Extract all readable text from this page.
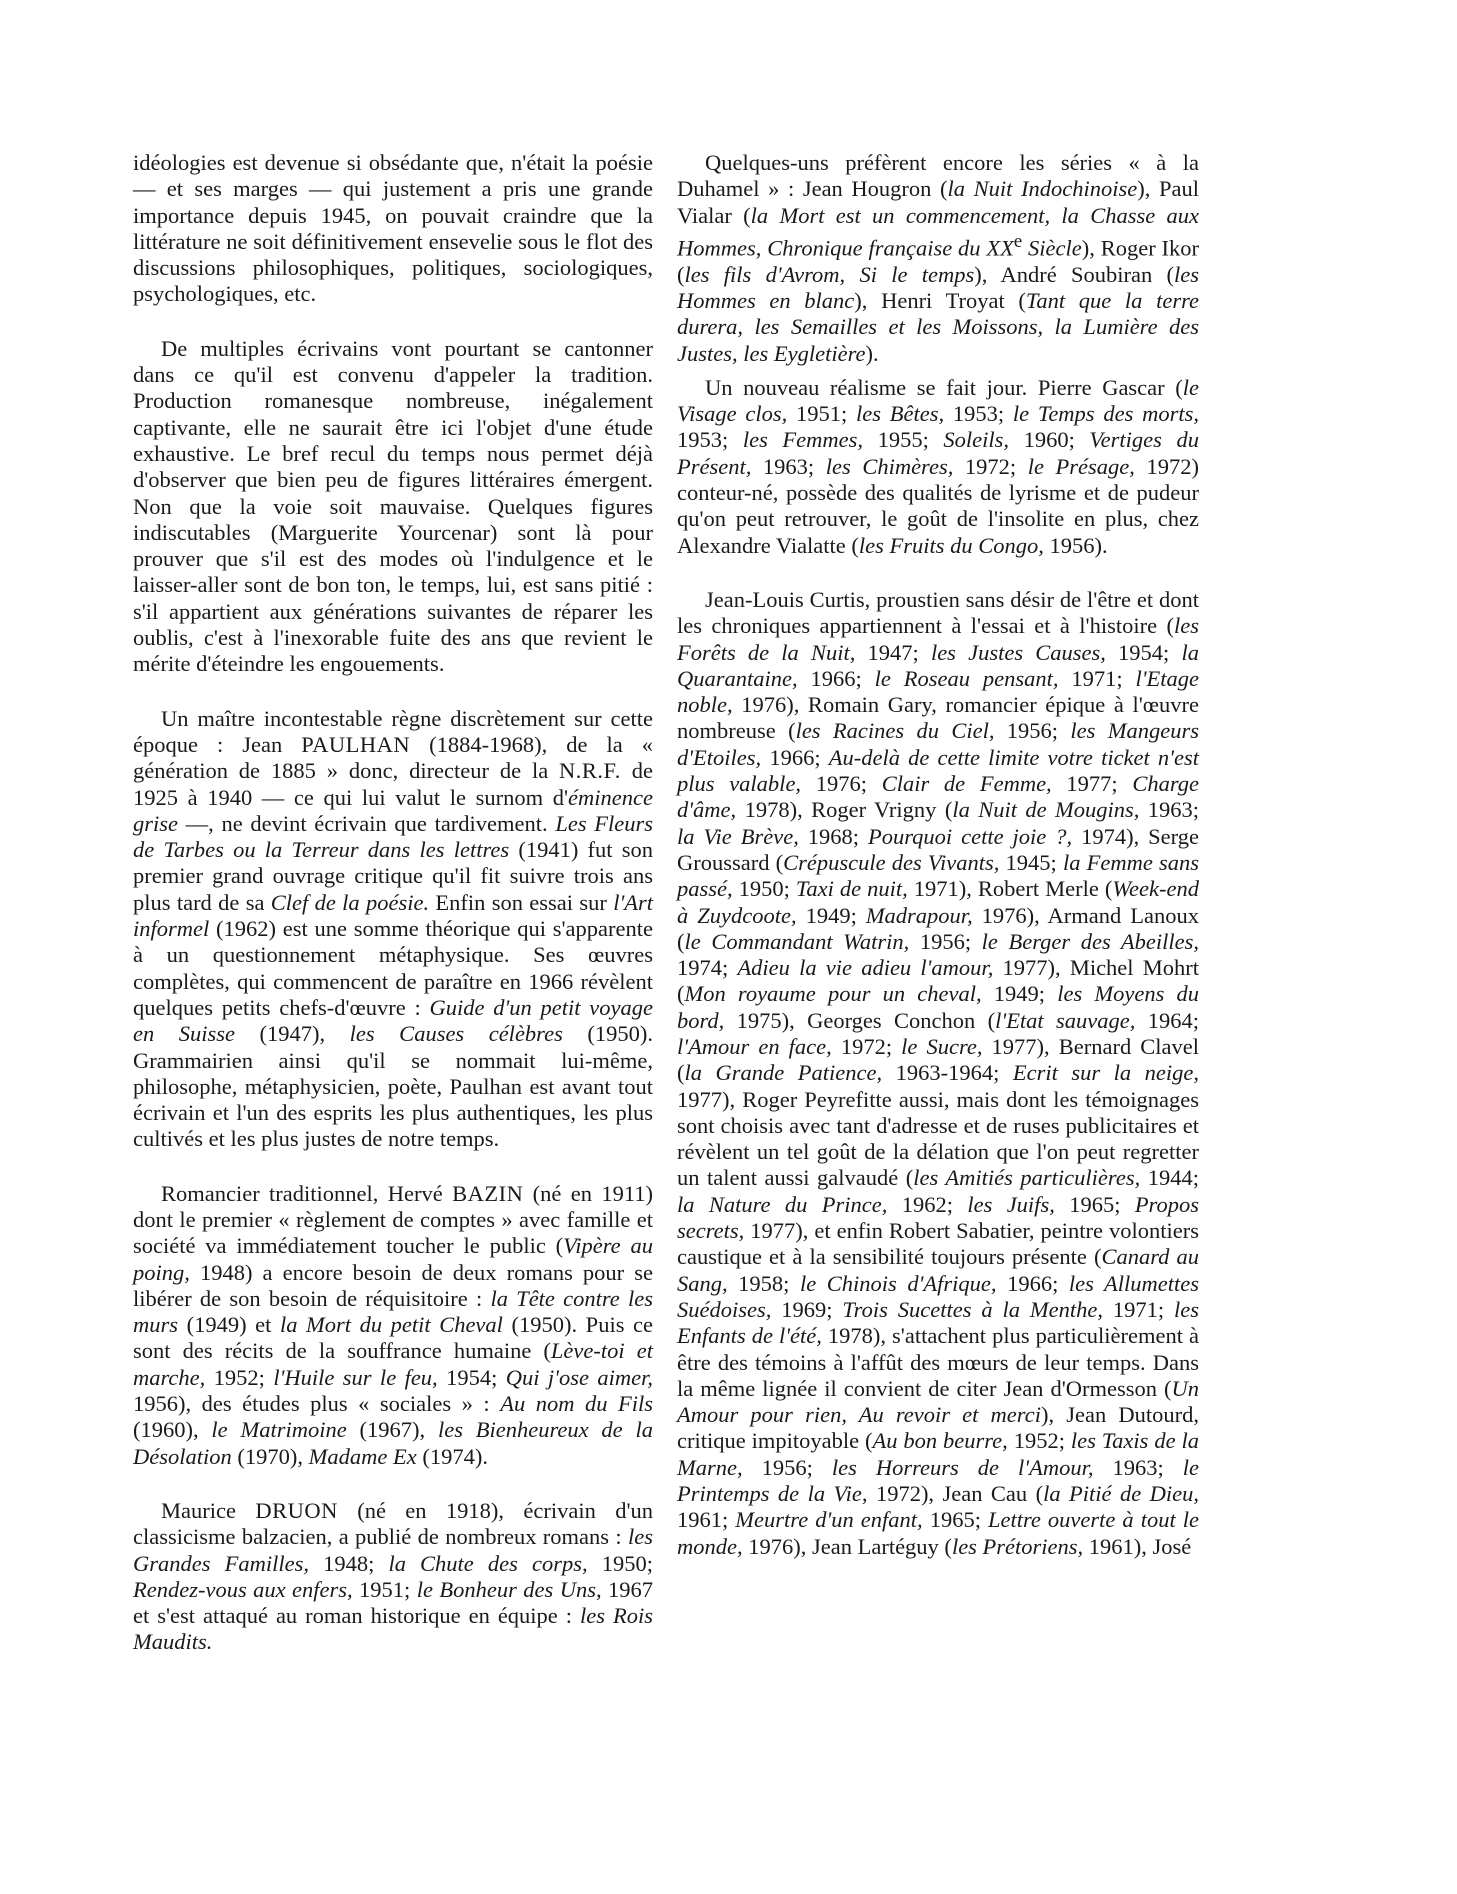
idéologies est devenue si obsédante que, n'était la poésie — et ses marges — qui justement a pris une grande importance depuis 1945, on pouvait craindre que la littérature ne soit définitivement ensevelie sous le flot des discussions philosophiques, politiques, sociologiques, psychologiques, etc.

De multiples écrivains vont pourtant se cantonner dans ce qu'il est convenu d'appeler la tradition. Production romanesque nombreuse, inégalement captivante, elle ne saurait être ici l'objet d'une étude exhaustive. Le bref recul du temps nous permet déjà d'observer que bien peu de figures littéraires émergent. Non que la voie soit mauvaise. Quelques figures indiscutables (Marguerite Yourcenar) sont là pour prouver que s'il est des modes où l'indulgence et le laisser-aller sont de bon ton, le temps, lui, est sans pitié : s'il appartient aux générations suivantes de réparer les oublis, c'est à l'inexorable fuite des ans que revient le mérite d'éteindre les engouements.

Un maître incontestable règne discrètement sur cette époque : Jean PAULHAN (1884-1968), de la « génération de 1885 » donc, directeur de la N.R.F. de 1925 à 1940 — ce qui lui valut le surnom d'éminence grise —, ne devint écrivain que tardivement. Les Fleurs de Tarbes ou la Terreur dans les lettres (1941) fut son premier grand ouvrage critique qu'il fit suivre trois ans plus tard de sa Clef de la poésie. Enfin son essai sur l'Art informel (1962) est une somme théorique qui s'apparente à un questionnement métaphysique. Ses œuvres complètes, qui commencent de paraître en 1966 révèlent quelques petits chefs-d'œuvre : Guide d'un petit voyage en Suisse (1947), les Causes célèbres (1950). Grammairien ainsi qu'il se nommait lui-même, philosophe, métaphysicien, poète, Paulhan est avant tout écrivain et l'un des esprits les plus authentiques, les plus cultivés et les plus justes de notre temps.

Romancier traditionnel, Hervé BAZIN (né en 1911) dont le premier « règlement de comptes » avec famille et société va immédiatement toucher le public (Vipère au poing, 1948) a encore besoin de deux romans pour se libérer de son besoin de réquisitoire : la Tête contre les murs (1949) et la Mort du petit Cheval (1950). Puis ce sont des récits de la souffrance humaine (Lève-toi et marche, 1952; l'Huile sur le feu, 1954; Qui j'ose aimer, 1956), des études plus « sociales » : Au nom du Fils (1960), le Matrimoine (1967), les Bienheureux de la Désolation (1970), Madame Ex (1974).

Maurice DRUON (né en 1918), écrivain d'un classicisme balzacien, a publié de nombreux romans : les Grandes Familles, 1948; la Chute des corps, 1950; Rendez-vous aux enfers, 1951; le Bonheur des Uns, 1967 et s'est attaqué au roman historique en équipe : les Rois Maudits.

Quelques-uns préfèrent encore les séries « à la Duhamel » : Jean Hougron (la Nuit Indochinoise), Paul Vialar (la Mort est un commencement, la Chasse aux Hommes, Chronique française du XXe Siècle), Roger Ikor (les fils d'Avrom, Si le temps), André Soubiran (les Hommes en blanc), Henri Troyat (Tant que la terre durera, les Semailles et les Moissons, la Lumière des Justes, les Eygletière).

Un nouveau réalisme se fait jour. Pierre Gascar (le Visage clos, 1951; les Bêtes, 1953; le Temps des morts, 1953; les Femmes, 1955; Soleils, 1960; Vertiges du Présent, 1963; les Chimères, 1972; le Présage, 1972) conteur-né, possède des qualités de lyrisme et de pudeur qu'on peut retrouver, le goût de l'insolite en plus, chez Alexandre Vialatte (les Fruits du Congo, 1956).

Jean-Louis Curtis, proustien sans désir de l'être et dont les chroniques appartiennent à l'essai et à l'histoire (les Forêts de la Nuit, 1947; les Justes Causes, 1954; la Quarantaine, 1966; le Roseau pensant, 1971; l'Etage noble, 1976), Romain Gary, romancier épique à l'œuvre nombreuse (les Racines du Ciel, 1956; les Mangeurs d'Etoiles, 1966; Au-delà de cette limite votre ticket n'est plus valable, 1976; Clair de Femme, 1977; Charge d'âme, 1978), Roger Vrigny (la Nuit de Mougins, 1963; la Vie Brève, 1968; Pourquoi cette joie ?, 1974), Serge Groussard (Crépuscule des Vivants, 1945; la Femme sans passé, 1950; Taxi de nuit, 1971), Robert Merle (Week-end à Zuydcoote, 1949; Madrapour, 1976), Armand Lanoux (le Commandant Watrin, 1956; le Berger des Abeilles, 1974; Adieu la vie adieu l'amour, 1977), Michel Mohrt (Mon royaume pour un cheval, 1949; les Moyens du bord, 1975), Georges Conchon (l'Etat sauvage, 1964; l'Amour en face, 1972; le Sucre, 1977), Bernard Clavel (la Grande Patience, 1963-1964; Ecrit sur la neige, 1977), Roger Peyrefitte aussi, mais dont les témoignages sont choisis avec tant d'adresse et de ruses publicitaires et révèlent un tel goût de la délation que l'on peut regretter un talent aussi galvaudé (les Amitiés particulières, 1944; la Nature du Prince, 1962; les Juifs, 1965; Propos secrets, 1977), et enfin Robert Sabatier, peintre volontiers caustique et à la sensibilité toujours présente (Canard au Sang, 1958; le Chinois d'Afrique, 1966; les Allumettes Suédoises, 1969; Trois Sucettes à la Menthe, 1971; les Enfants de l'été, 1978), s'attachent plus particulièrement à être des témoins à l'affût des mœurs de leur temps. Dans la même lignée il convient de citer Jean d'Ormesson (Un Amour pour rien, Au revoir et merci), Jean Dutourd, critique impitoyable (Au bon beurre, 1952; les Taxis de la Marne, 1956; les Horreurs de l'Amour, 1963; le Printemps de la Vie, 1972), Jean Cau (la Pitié de Dieu, 1961; Meurtre d'un enfant, 1965; Lettre ouverte à tout le monde, 1976), Jean Lartéguy (les Prétoriens, 1961), José
